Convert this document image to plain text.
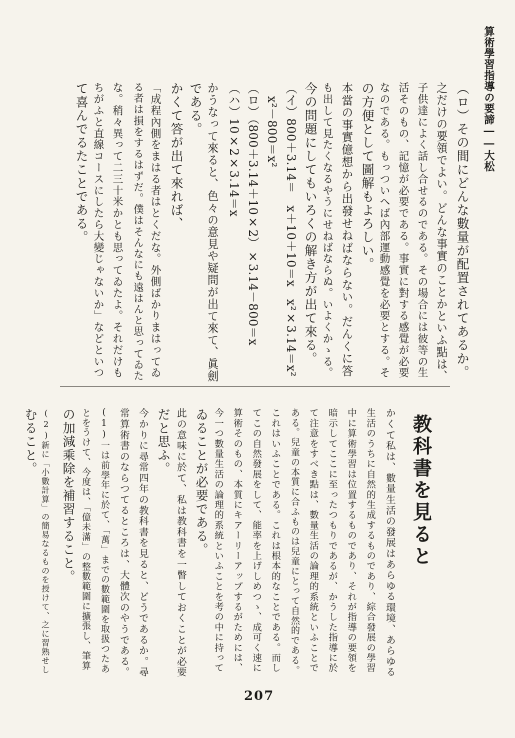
算術學習指導の要諦――大松
（ロ）その間にどんな數量が配置されてあるか。
之だけの要領でよい。どんな事實のことかといふ點は、
子供達によく話し合せるのである。その場合には彼等の生
活そのもの、記憶が必要である。事實に對する感覺が必要
なのである。もっついへば內部運動感覺を必要とする。そ
の方便として圖解もよろしい。
本當の事實億想から出發せねばならない。だんくに答
も出して見たくなるやうにせねばならぬ。いよくかゝる。
今の問題にしてもいろくの解き方が出て來る。
（イ）800＋3.14＝　x＋10＋10＝x　x²×3.14＝x²
x²－800＝x²
（ロ）（800＋3.14＋10×2）×3.14－800＝x
（ハ）10×2×3.14＝x
かうなって來ると、色々の意見や疑問が出て來て、眞劍
である。
かくて答が出て來れば、
「成程內側をまはる者はとくだな。外側ばかりまはってゐ
る者は損をするはずだ。僕はそんなにも遠はんと思ってゐた
な。稍々異って二三十米かとも思ってゐたよ。それだけも
ちがふと直線コースにしたら大變じゃないか」などといつ
て喜んでるたことである。
教科書を見ると
かくて私は、數量生活の發展はあらゆる環境、あらゆる
生活のうちに自然的生成するものであり、綜合發展の學習
中に算術學習は位置するものであり、それが指導の要領を
暗示してここに至ったつもりであるが、かうした指導に於
て注意をすべき點は、數量生活の論理的系統といふことで
ある。兒童の本質に合ふものは兒童にとって自然的である。
これはいふことである。これは根本的なことである。而し
てこの自然發展をして、能率を上げしめつゝ、成可く速に
算術そのもの、本質にキアーリーアップするがためには、
今一つ數量生活の論理的系統といふことを考の中に持って
ゐることが必要である。
此の意味に於て、私は教科書を一瞥しておくことが必要
だと思ふ。
今かりに尋常四年の教科書を見ると、どうであるか。尋
常算術書のならつてるところは、大體次のやうである。
(1)一は前學年に於て、「萬」までの數範圍を取扱つたあ
とをうけて、今度は、「億未滿」の整數範圍に擴張し、筆算
の加減乘除を補習すること。
(2)新に「小數計算」の簡易なるものを授けて、之に習熟せし
むること。
207
